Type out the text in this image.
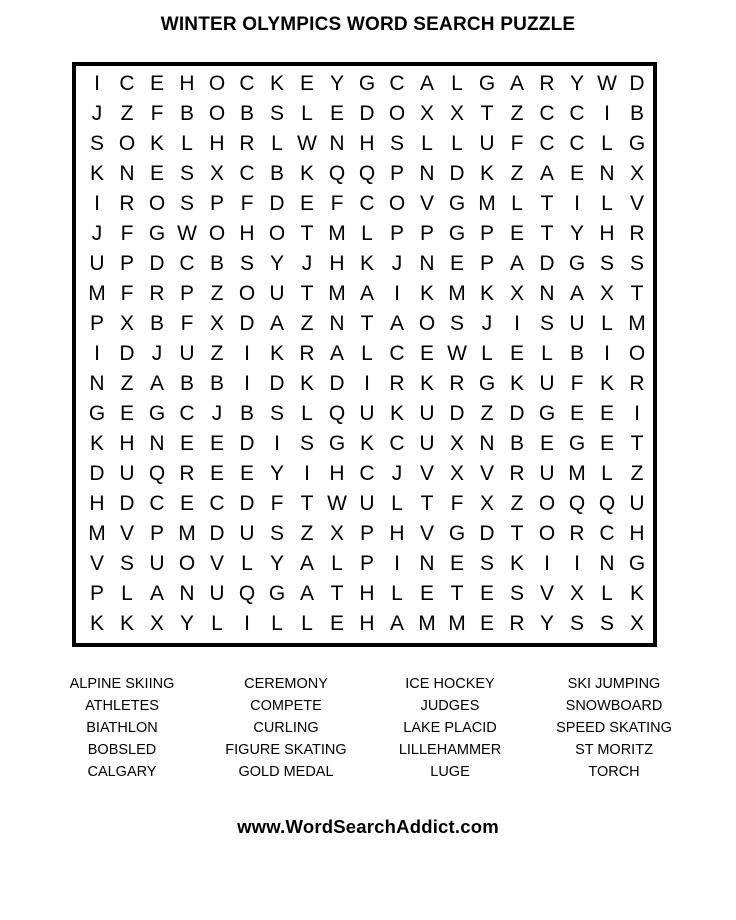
WINTER OLYMPICS WORD SEARCH PUZZLE
I C E H O C K E Y G C A L G A R Y W D
J Z F B O B S L E D O X X T Z C C I B
S O K L H R L W N H S L L U F C C L G
K N E S X C B K Q Q P N D K Z A E N X
I R O S P F D E F C O V G M L T I	L V
J F G W O H O T M L P P G P E T Y H R
U P D C B S Y J H K J N E P A D G S S
M F R P Z O U T M A I K M K X N A X T
P X B F X D A Z N T A O S J	I S U L M
I D J U Z I K R A L C E W L E L B I O
N Z A B B I D K D I R K R G K U F K R
G E G C J B S L Q U K U D Z D G E E I
K H N E E D I S G K C U X N B E G E T
D U Q R E E Y I H C J V X V R U M L Z
H D C E C D F T W U L T F X Z O Q Q U
M V P M D U S Z X P H V G D T O R C H
V S U O V L Y A L P I N E S K I	I N G
P L A N U Q G A T H L E T E S V X L K
K K X Y L	I	L L E H A M M E R Y S S X
ALPINE SKIING
ATHLETES
BIATHLON
BOBSLED
CALGARY
CEREMONY
COMPETE
CURLING
FIGURE SKATING
GOLD MEDAL
ICE HOCKEY
JUDGES
LAKE PLACID
LILLEHAMMER
LUGE
SKI JUMPING
SNOWBOARD
SPEED SKATING
ST MORITZ
TORCH
www.WordSearchAddict.com
